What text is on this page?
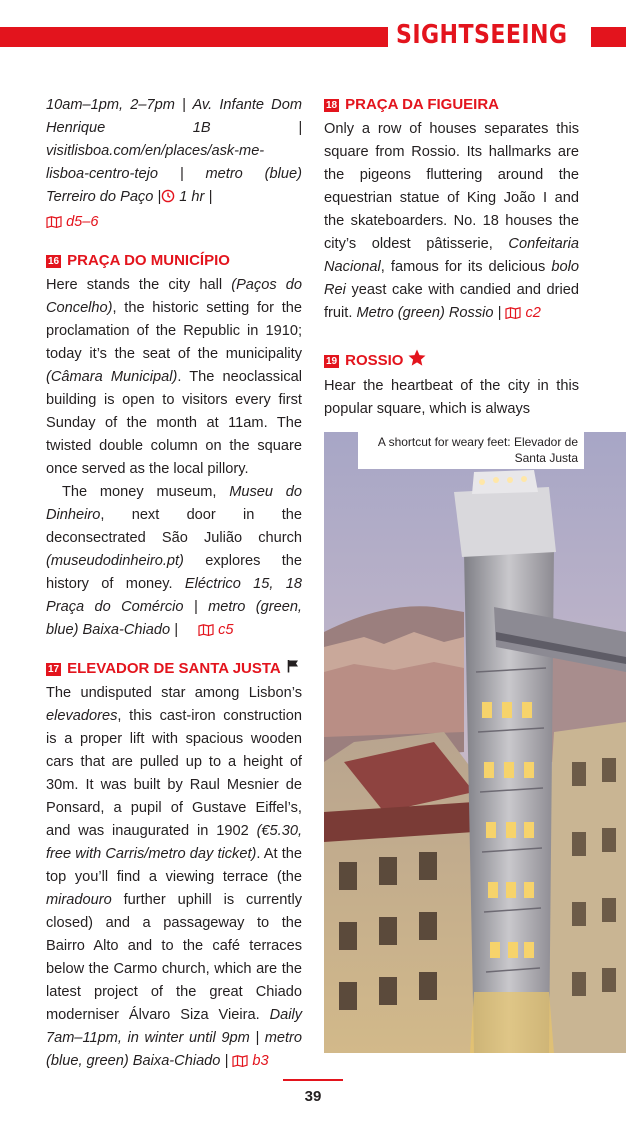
SIGHTSEEING

10am–1pm, 2–7pm | Av. Infante Dom Henrique 1B | visitlisboa.com/en/places/ask-me-lisboa-centro-tejo | metro (blue) Terreiro do Paço | 1 hr |
d5–6

16 PRAÇA DO MUNICÍPIO

Here stands the city hall (Paços do Concelho), the historic setting for the proclamation of the Republic in 1910; today it’s the seat of the municipality (Câmara Municipal). The neoclassical building is open to visitors every first Sunday of the month at 11am. The twisted double column on the square once served as the local pillory.

The money museum, Museu do Dinheiro, next door in the deconsectrated São Julião church (museudodinheiro.pt) explores the history of money. Eléctrico 15, 18 Praça do Comércio | metro (green, blue) Baixa-Chiado |	c5

17 ELEVADOR DE SANTA JUSTA

The undisputed star among Lisbon’s elevadores, this cast-iron construction is a proper lift with spacious wooden cars that are pulled up to a height of 30m. It was built by Raul Mesnier de Ponsard, a pupil of Gustave Eiffel’s, and was inaugurated in 1902 (€5.30, free with Carris/metro day ticket). At the top you’ll find a viewing terrace (the miradouro further uphill is currently closed) and a passageway to the Bairro Alto and to the café terraces below the Carmo church, which are the latest project of the great Chiado moderniser Álvaro Siza Vieira. Daily 7am–11pm, in winter until 9pm | metro (blue, green) Baixa-Chiado | b3

18 PRAÇA DA FIGUEIRA

Only a row of houses separates this square from Rossio. Its hallmarks are the pigeons fluttering around the equestrian statue of King João I and the skateboarders. No. 18 houses the city’s oldest pâtisserie, Confeitaria Nacional, famous for its delicious bolo Rei yeast cake with candied and dried fruit. Metro (green) Rossio | c2

19 ROSSIO

Hear the heartbeat of the city in this popular square, which is always

A shortcut for weary feet: Elevador de Santa Justa
39
